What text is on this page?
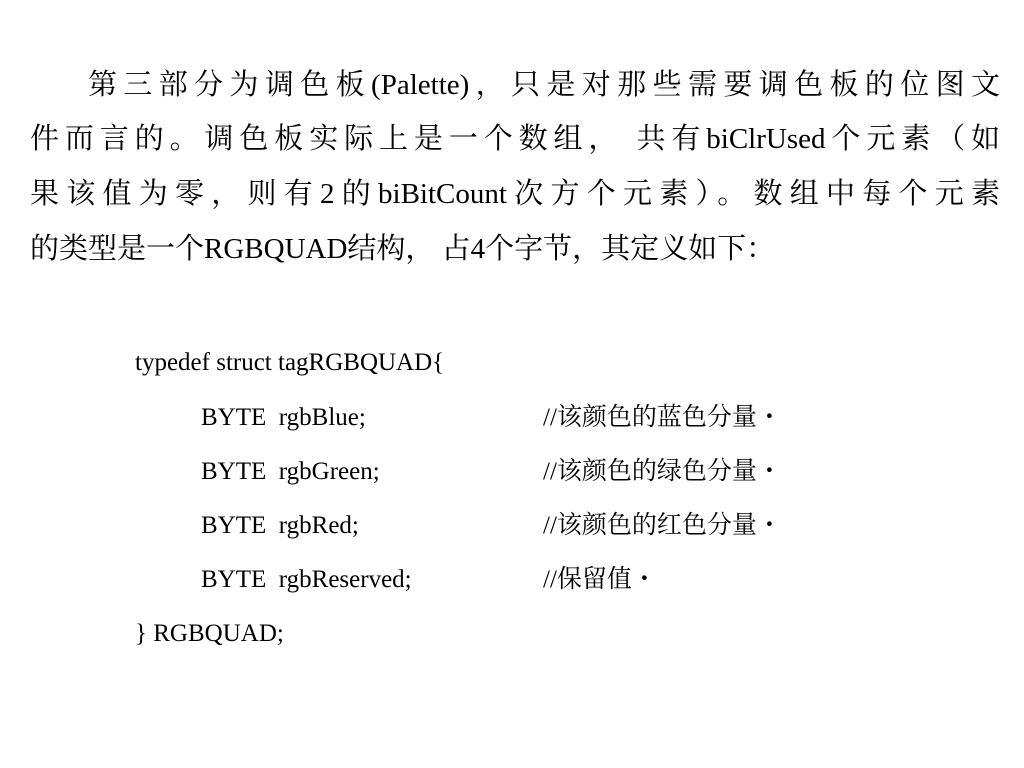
第三部分为调色板(Palette)，只是对那些需要调色板的位图文
件而言的。调色板实际上是一个数组， 共有biClrUsed个元素（如
果该值为零，则有2的biBitCount次方个元素）。数组中每个元素
的类型是一个RGBQUAD结构， 占4个字节，其定义如下：
typedef struct tagRGBQUAD{
BYTE  rgbBlue;	//该颜色的蓝色分量・
BYTE  rgbGreen;	//该颜色的绿色分量・
BYTE  rgbRed;	//该颜色的红色分量・
BYTE  rgbReserved;	//保留值・
} RGBQUAD;
